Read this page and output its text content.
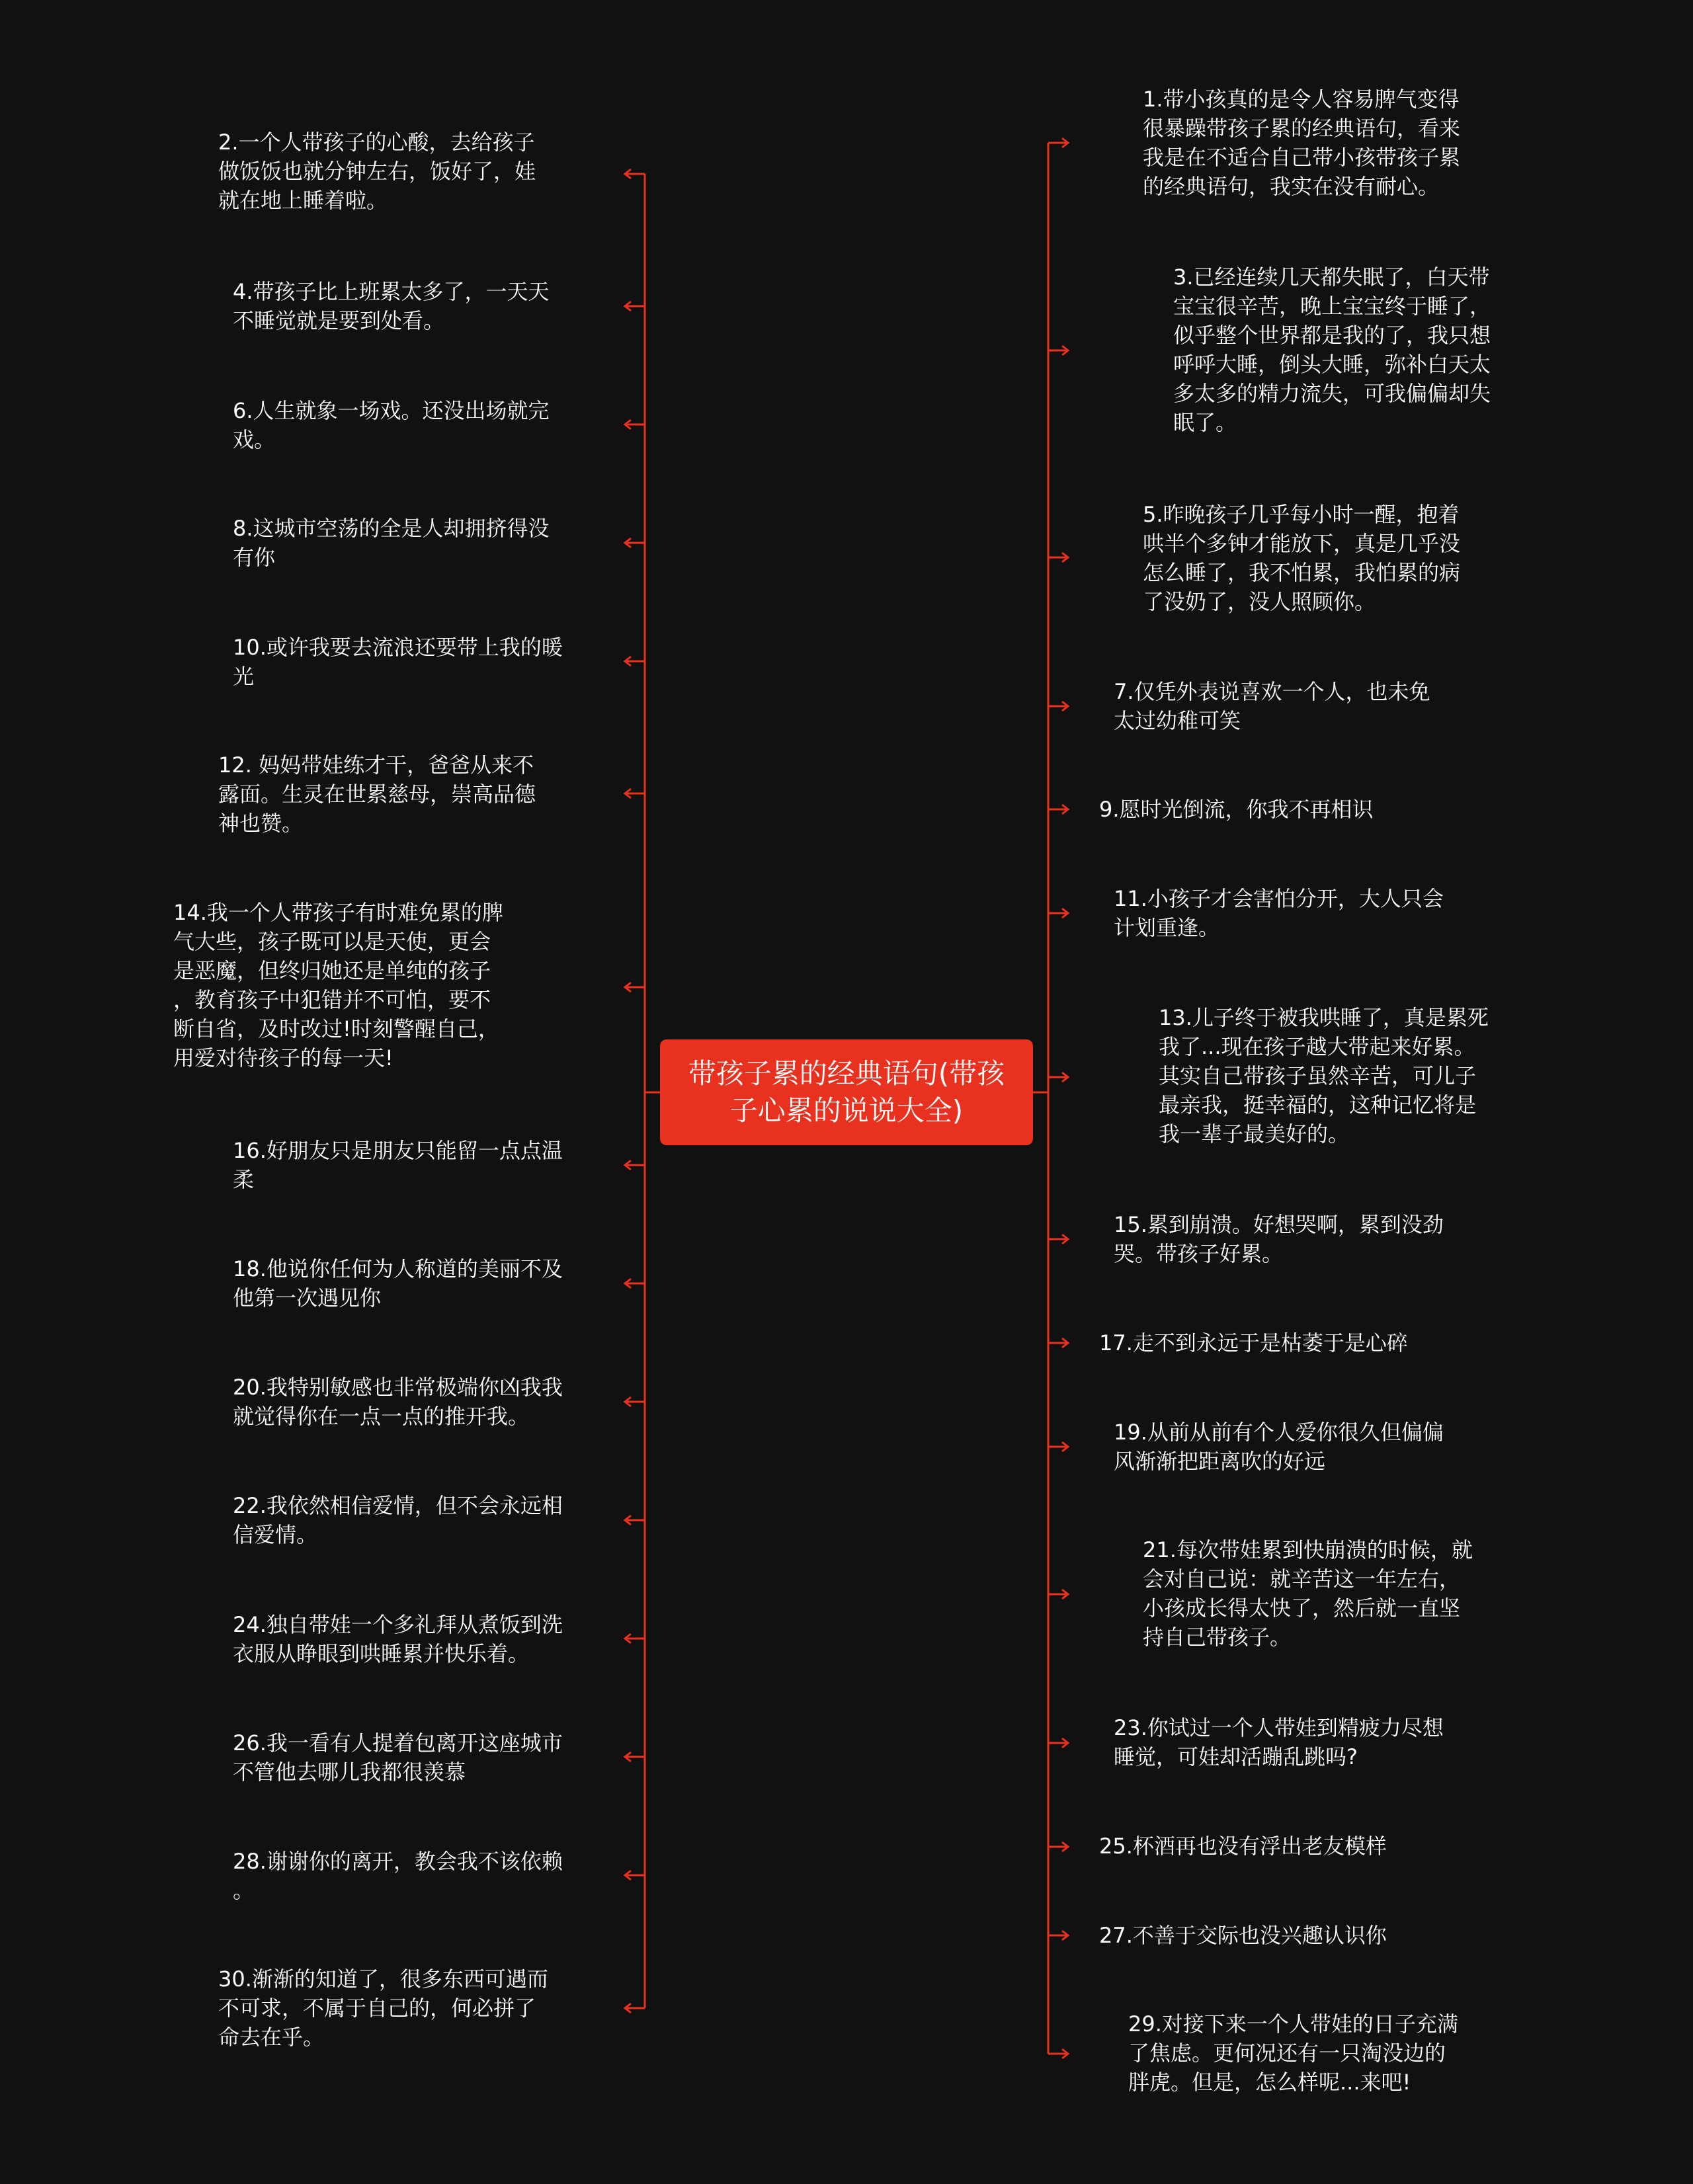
带孩子累的经典语句(带孩
子心累的说说大全)

2.一个人带孩子的心酸，去给孩子
做饭饭也就分钟左右，饭好了，娃
就在地上睡着啦。

4.带孩子比上班累太多了，一天天
不睡觉就是要到处看。

6.人生就象一场戏。还没出场就完
戏。

8.这城市空荡的全是人却拥挤得没
有你

10.或许我要去流浪还要带上我的暖
光

12. 妈妈带娃练才干，爸爸从来不
露面。生灵在世累慈母，崇高品德
神也赞。

14.我一个人带孩子有时难免累的脾
气大些，孩子既可以是天使，更会
是恶魔，但终归她还是单纯的孩子
，教育孩子中犯错并不可怕，要不
断自省，及时改过!时刻警醒自己，
用爱对待孩子的每一天!

16.好朋友只是朋友只能留一点点温
柔

18.他说你任何为人称道的美丽不及
他第一次遇见你

20.我特别敏感也非常极端你凶我我
就觉得你在一点一点的推开我。

22.我依然相信爱情，但不会永远相
信爱情。

24.独自带娃一个多礼拜从煮饭到洗
衣服从睁眼到哄睡累并快乐着。

26.我一看有人提着包离开这座城市
不管他去哪儿我都很羡慕

28.谢谢你的离开，教会我不该依赖
。

30.渐渐的知道了，很多东西可遇而
不可求，不属于自己的，何必拼了
命去在乎。

1.带小孩真的是令人容易脾气变得
很暴躁带孩子累的经典语句，看来
我是在不适合自己带小孩带孩子累
的经典语句，我实在没有耐心。

3.已经连续几天都失眠了，白天带
宝宝很辛苦，晚上宝宝终于睡了，
似乎整个世界都是我的了，我只想
呼呼大睡，倒头大睡，弥补白天太
多太多的精力流失，可我偏偏却失
眠了。

5.昨晚孩子几乎每小时一醒，抱着
哄半个多钟才能放下，真是几乎没
怎么睡了，我不怕累，我怕累的病
了没奶了，没人照顾你。

7.仅凭外表说喜欢一个人，也未免
太过幼稚可笑

9.愿时光倒流，你我不再相识

11.小孩子才会害怕分开，大人只会
计划重逢。

13.儿子终于被我哄睡了，真是累死
我了...现在孩子越大带起来好累。
其实自己带孩子虽然辛苦，可儿子
最亲我，挺幸福的，这种记忆将是
我一辈子最美好的。

15.累到崩溃。好想哭啊，累到没劲
哭。带孩子好累。

17.走不到永远于是枯萎于是心碎

19.从前从前有个人爱你很久但偏偏
风渐渐把距离吹的好远

21.每次带娃累到快崩溃的时候，就
会对自己说：就辛苦这一年左右，
小孩成长得太快了，然后就一直坚
持自己带孩子。

23.你试过一个人带娃到精疲力尽想
睡觉，可娃却活蹦乱跳吗?

25.杯酒再也没有浮出老友模样

27.不善于交际也没兴趣认识你

29.对接下来一个人带娃的日子充满
了焦虑。更何况还有一只淘没边的
胖虎。但是，怎么样呢...来吧!
